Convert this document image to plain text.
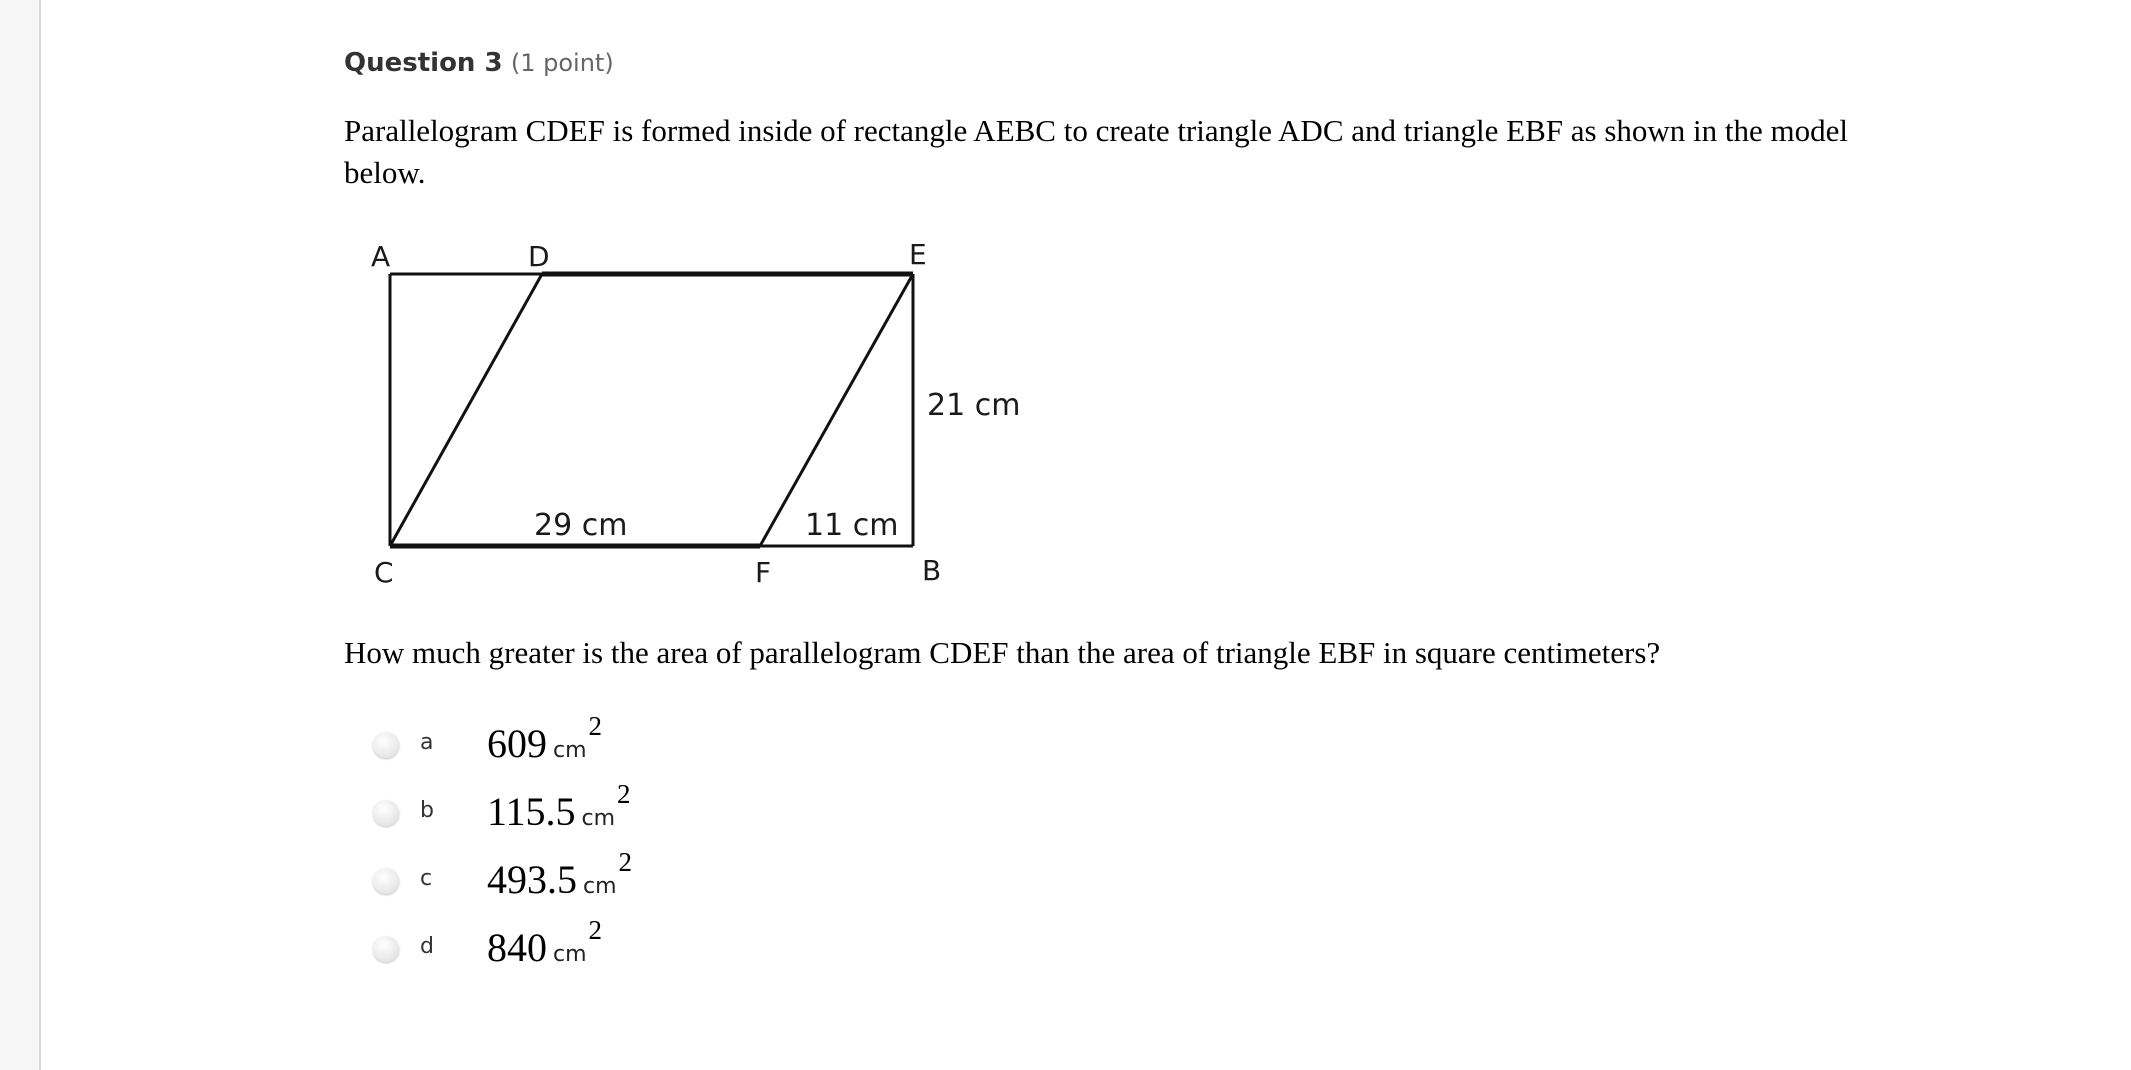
Question 3 (1 point)
Parallelogram CDEF is formed inside of rectangle AEBC to create triangle ADC and triangle EBF as shown in the model below.
A	D	E
C	F	B
21 cm
29 cm	11 cm
How much greater is the area of parallelogram CDEF than the area of triangle EBF in square centimeters?
a 609 cm2
b 115.5 cm2
c 493.5 cm2
d 840 cm2
